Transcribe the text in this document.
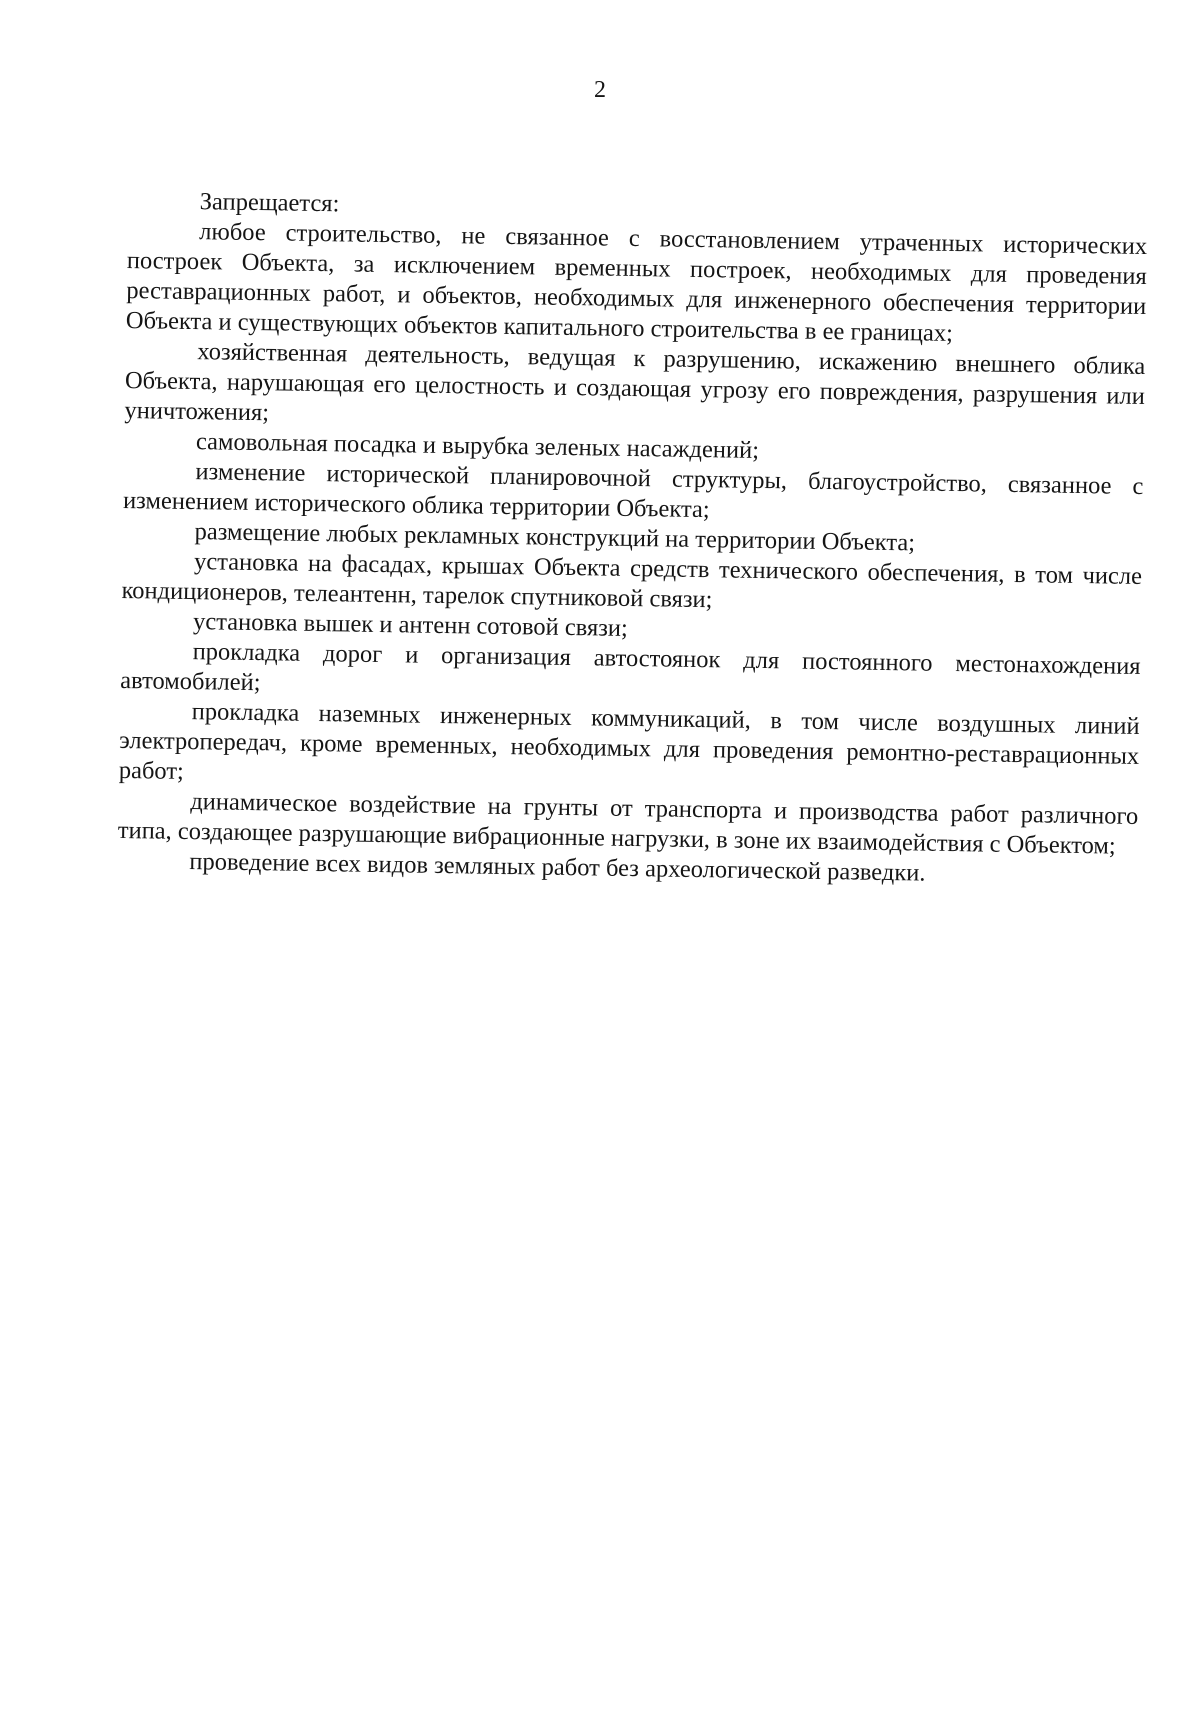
2

Запрещается:

любое строительство, не связанное с восстановлением утраченных исторических построек Объекта, за исключением временных построек, необходимых для проведения реставрационных работ, и объектов, необходимых для инженерного обеспечения территории Объекта и существующих объектов капитального строительства в ее границах;

хозяйственная деятельность, ведущая к разрушению, искажению внешнего облика Объекта, нарушающая его целостность и создающая угрозу его повреждения, разрушения или уничтожения;

самовольная посадка и вырубка зеленых насаждений;

изменение исторической планировочной структуры, благоустройство, связанное с изменением исторического облика территории Объекта;

размещение любых рекламных конструкций на территории Объекта;

установка на фасадах, крышах Объекта средств технического обеспечения, в том числе кондиционеров, телеантенн, тарелок спутниковой связи;

установка вышек и антенн сотовой связи;

прокладка дорог и организация автостоянок для постоянного местонахождения автомобилей;

прокладка наземных инженерных коммуникаций, в том числе воздушных линий электропередач, кроме временных, необходимых для проведения ремонтно-реставрационных работ;

динамическое воздействие на грунты от транспорта и производства работ различного типа, создающее разрушающие вибрационные нагрузки, в зоне их взаимодействия с Объектом;

проведение всех видов земляных работ без археологической разведки.
